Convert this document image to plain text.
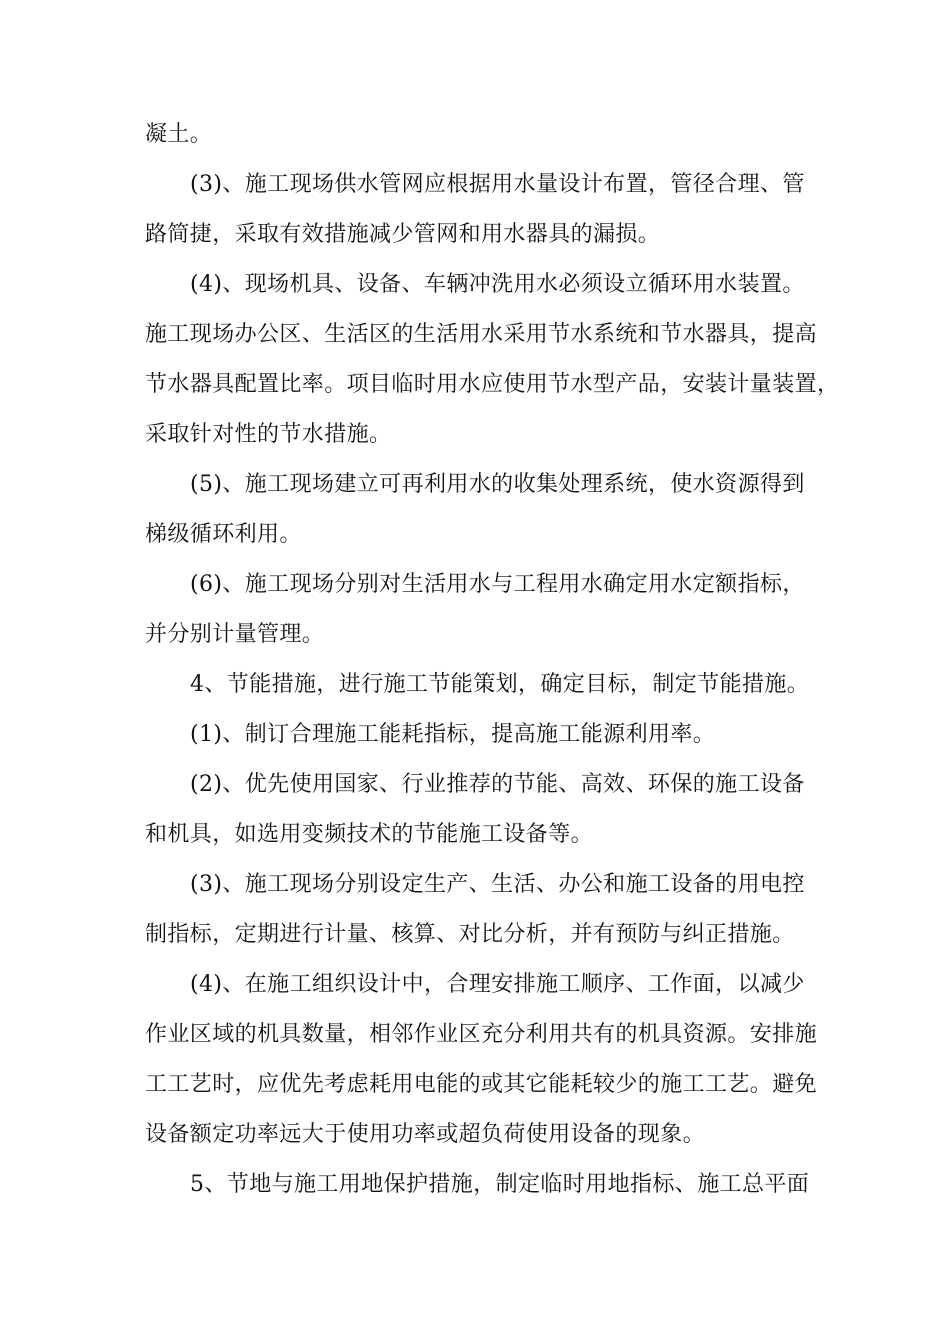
凝土。
(3)、施工现场供水管网应根据用水量设计布置，管径合理、管
路简捷，采取有效措施减少管网和用水器具的漏损。
(4)、现场机具、设备、车辆冲洗用水必须设立循环用水装置。
施工现场办公区、生活区的生活用水采用节水系统和节水器具，提高
节水器具配置比率。项目临时用水应使用节水型产品，安装计量装置，
采取针对性的节水措施。
(5)、施工现场建立可再利用水的收集处理系统，使水资源得到
梯级循环利用。
(6)、施工现场分别对生活用水与工程用水确定用水定额指标，
并分别计量管理。
4、节能措施，进行施工节能策划，确定目标，制定节能措施。
(1)、制订合理施工能耗指标，提高施工能源利用率。
(2)、优先使用国家、行业推荐的节能、高效、环保的施工设备
和机具，如选用变频技术的节能施工设备等。
(3)、施工现场分别设定生产、生活、办公和施工设备的用电控
制指标，定期进行计量、核算、对比分析，并有预防与纠正措施。
(4)、在施工组织设计中，合理安排施工顺序、工作面，以减少
作业区域的机具数量，相邻作业区充分利用共有的机具资源。安排施
工工艺时，应优先考虑耗用电能的或其它能耗较少的施工工艺。避免
设备额定功率远大于使用功率或超负荷使用设备的现象。
5、节地与施工用地保护措施，制定临时用地指标、施工总平面
